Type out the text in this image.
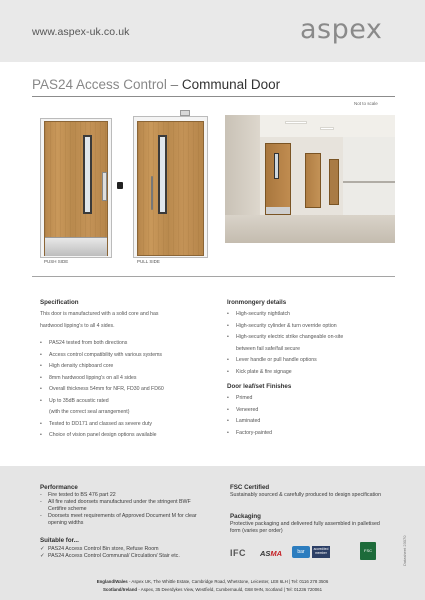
www.aspex-uk.co.uk	aspex
PAS24 Access Control – Communal Door
Not to scale
PUSH SIDE	PULL SIDE
Specification
This door is manufactured with a solid core and has
hardwood lipping's to all 4 sides.
• PAS24 tested from both directions
• Access control compatibility with various systems
• High density chipboard core
• 8mm hardwood lipping's on all 4 sides
• Overall thickness 54mm for NFR, FD30 and FD60
• Up to 35dB acoustic rated
(with the correct seal arrangement)
• Tested to DD171 and classed as severe duty
• Choice of vision panel design options available
Ironmongery details
• High-security nightlatch
• High-security cylinder & turn override option
• High-security electric strike changeable on-site
between fail safe/fail secure
• Lever handle or pull handle options
• Kick plate & fire signage
Door leaf/set Finishes
• Primed
• Veneered
• Laminated
• Factory-painted
Performance
- Fire tested to BS 476 part 22
- All fire rated doorsets manufactured under the stringent BWF Certifire scheme
- Doorsets meet requirements of Approved Document M for clear opening widths
Suitable for...
✓ PAS24 Access Control Bin store, Refuse Room
✓ PAS24 Access Control Communal/ Circulation/ Stair etc.
FSC Certified
Sustainably sourced & carefully produced to design specification
Packaging
Protective packaging and delivered fully assembled in palletised form (varies per order)
IFC ASMA	bar	accredited member	FSC	Datasheet 23070
England/Wales - Aspex UK, The Whittle Estate, Cambridge Road, Whetstone, Leicester, LE8 6LH | Tel: 0116 278 3506
Scotland/Ireland - Aspex, 35 Deerdykes View, Westfield, Cumbernauld, G68 9HN, Scotland | Tel: 01236 720061
